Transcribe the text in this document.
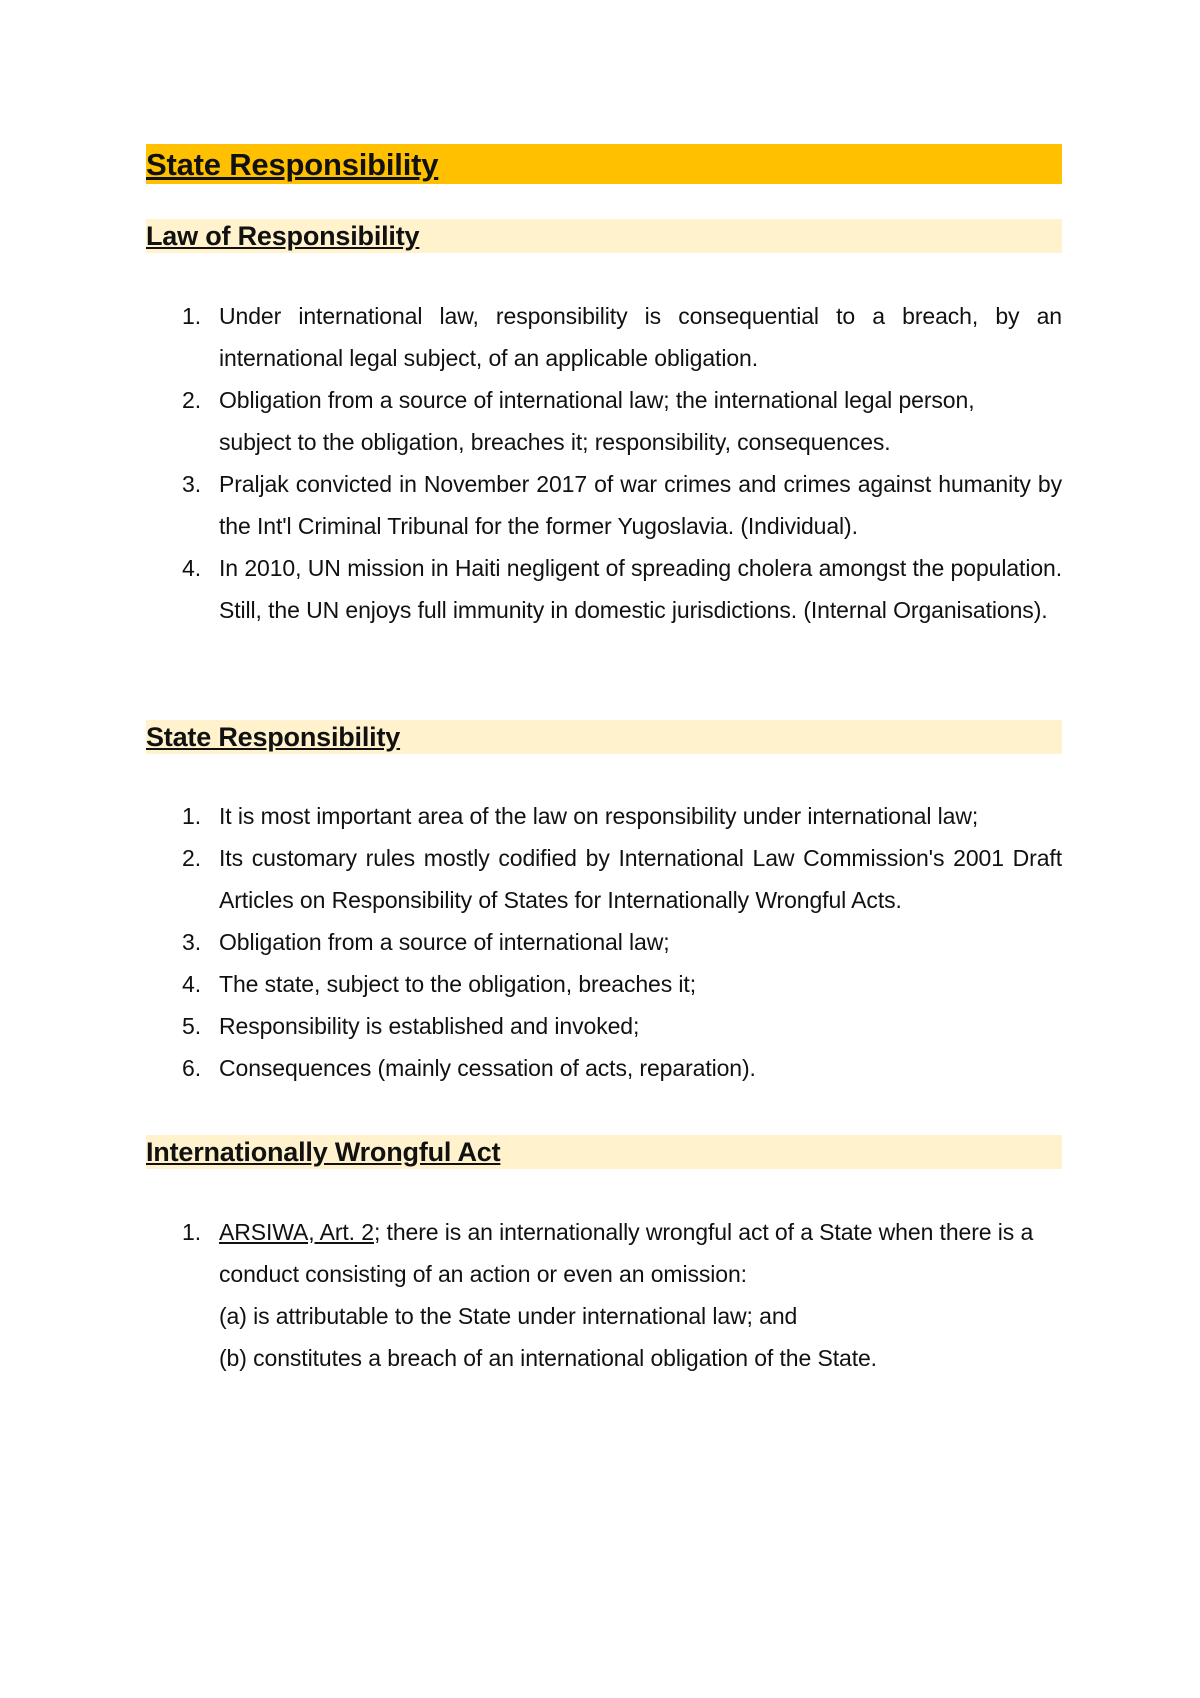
State Responsibility
Law of Responsibility
1. Under international law, responsibility is consequential to a breach, by an international legal subject, of an applicable obligation.
2. Obligation from a source of international law; the international legal person, subject to the obligation, breaches it; responsibility, consequences.
3. Praljak convicted in November 2017 of war crimes and crimes against humanity by the Int'l Criminal Tribunal for the former Yugoslavia. (Individual).
4. In 2010, UN mission in Haiti negligent of spreading cholera amongst the population. Still, the UN enjoys full immunity in domestic jurisdictions. (Internal Organisations).
State Responsibility
1. It is most important area of the law on responsibility under international law;
2. Its customary rules mostly codified by International Law Commission's 2001 Draft Articles on Responsibility of States for Internationally Wrongful Acts.
3. Obligation from a source of international law;
4. The state, subject to the obligation, breaches it;
5. Responsibility is established and invoked;
6. Consequences (mainly cessation of acts, reparation).
Internationally Wrongful Act
1. ARSIWA, Art. 2; there is an internationally wrongful act of a State when there is a conduct consisting of an action or even an omission:
(a) is attributable to the State under international law; and
(b) constitutes a breach of an international obligation of the State.
